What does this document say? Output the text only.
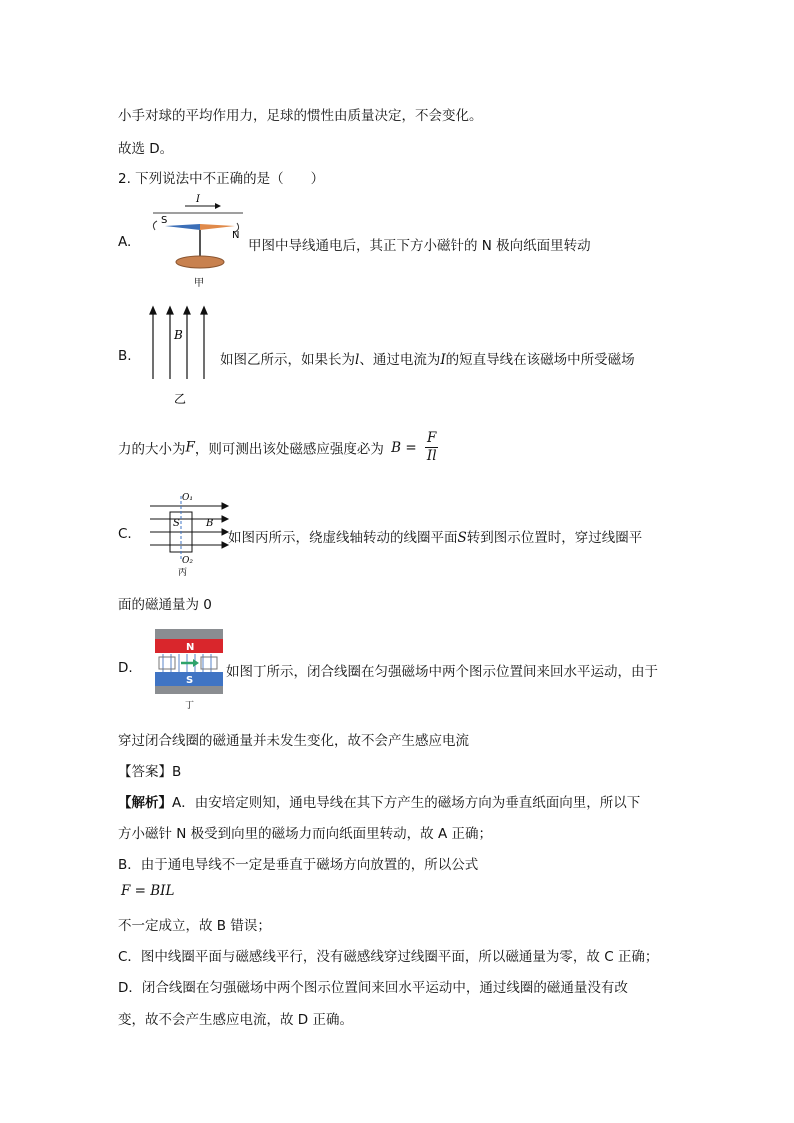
小手对球的平均作用力，足球的惯性由质量决定，不会变化。
故选 D。
2. 下列说法中不正确的是（　　）
A.
I
S
N
甲
甲图中导线通电后，其正下方小磁针的 N 极向纸面里转动
B.
B
乙
如图乙所示，如果长为l、通过电流为I的短直导线在该磁场中所受磁场
力的大小为F，则可测出该处磁感应强度必为 $B = \frac{F}{Il}$
C.
O₁
S	B
O₂
丙
如图丙所示，绕虚线轴转动的线圈平面S转到图示位置时，穿过线圈平
面的磁通量为 0
D.
N
S
丁
如图丁所示，闭合线圈在匀强磁场中两个图示位置间来回水平运动，由于
穿过闭合线圈的磁通量并未发生变化，故不会产生感应电流
【答案】B
【解析】A．由安培定则知，通电导线在其下方产生的磁场方向为垂直纸面向里，所以下
方小磁针 N 极受到向里的磁场力而向纸面里转动，故 A 正确；
B．由于通电导线不一定是垂直于磁场方向放置的，所以公式
F = BIL
不一定成立，故 B 错误；
C．图中线圈平面与磁感线平行，没有磁感线穿过线圈平面，所以磁通量为零，故 C 正确；
D．闭合线圈在匀强磁场中两个图示位置间来回水平运动中，通过线圈的磁通量没有改
变，故不会产生感应电流，故 D 正确。
